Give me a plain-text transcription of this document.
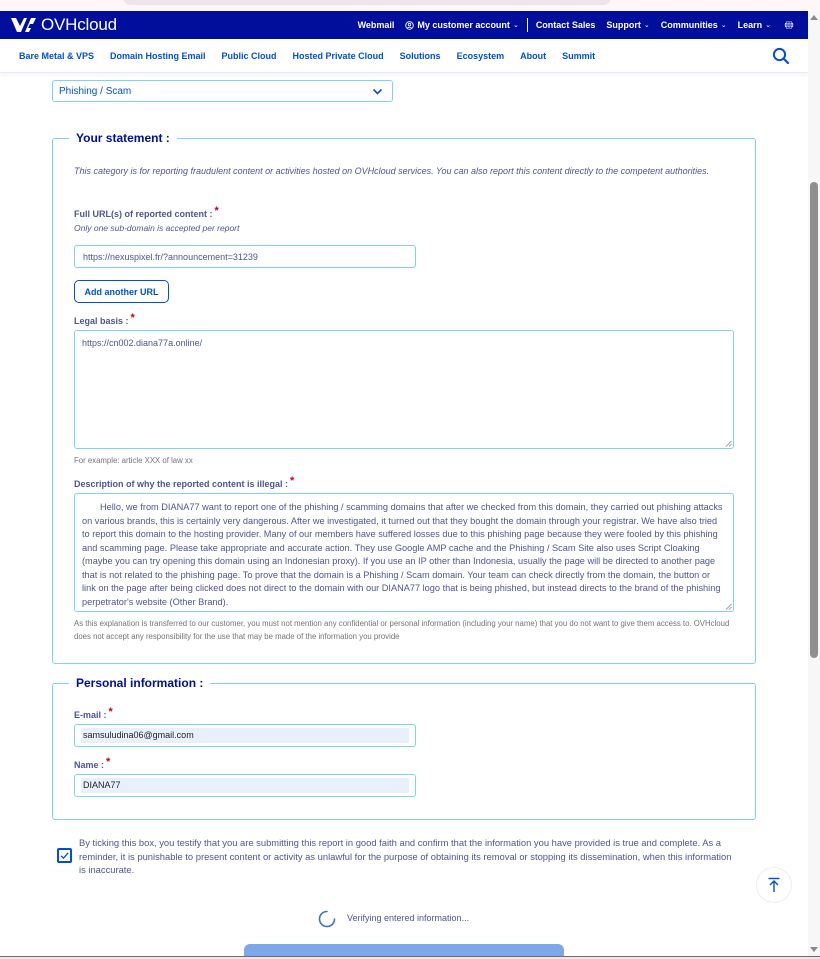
OVHcloud	Webmail	My customer account ⌄ Contact Sales Support ⌄ Communities ⌄ Learn ⌄
Bare Metal & VPS Domain Hosting Email Public Cloud Hosted Private Cloud Solutions Ecosystem About Summit
Phishing / Scam
Your statement :
This category is for reporting fraudulent content or activities hosted on OVHcloud services. You can also report this content directly to the competent authorities.
Full URL(s) of reported content : *
Only one sub-domain is accepted per report
https://nexuspixel.fr/?announcement=31239
Add another URL
Legal basis : *
https://cn002.diana77a.online/
For example: article XXX of law xx
Description of why the reported content is illegal : *
Hello, we from DIANA77 want to report one of the phishing / scamming domains that after we checked from this domain, they carried out phishing attacks on various brands, this is certainly very dangerous. After we investigated, it turned out that they bought the domain through your registrar. We have also tried to report this domain to the hosting provider. Many of our members have suffered losses due to this phishing page because they were fooled by this phishing and scamming page. Please take appropriate and accurate action. They use Google AMP cache and the Phishing / Scam Site also uses Script Cloaking (maybe you can try opening this domain using an Indonesian proxy). If you use an IP other than Indonesia, usually the page will be directed to another page that is not related to the phishing page. To prove that the domain is a Phishing / Scam domain. Your team can check directly from the domain, the button or link on the page after being clicked does not direct to the domain with our DIANA77 logo that is being phished, but instead directs to the brand of the phishing perpetrator's website (Other Brand).
As this explanation is transferred to our customer, you must not mention any confidential or personal information (including your name) that you do not want to give them access to. OVHcloud does not accept any responsibility for the use that may be made of the information you provide
Personal information :
E-mail : *
samsuludina06@gmail.com
Name : *
DIANA77
By ticking this box, you testify that you are submitting this report in good faith and confirm that the information you have provided is true and complete. As a reminder, it is punishable to present content or activity as unlawful for the purpose of obtaining its removal or stopping its dissemination, when this information is inaccurate.
Verifying entered information...
